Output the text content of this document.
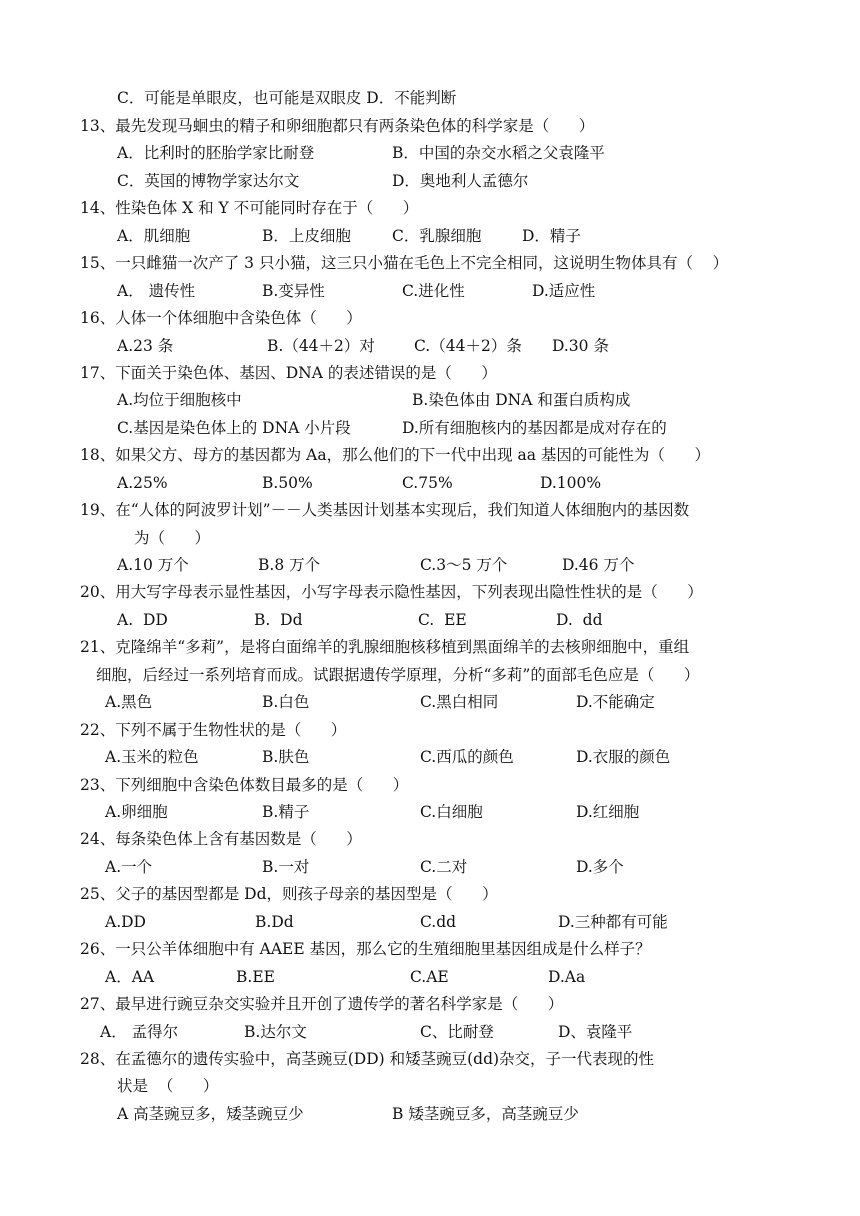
C．可能是单眼皮，也可能是双眼皮 D．不能判断
13、最先发现马蛔虫的精子和卵细胞都只有两条染色体的科学家是（      ）
A．比利时的胚胎学家比耐登	B．中国的杂交水稻之父袁隆平
C．英国的博物学家达尔文	D．奥地利人孟德尔
14、性染色体 X 和 Y 不可能同时存在于（      ）
A．肌细胞	B．上皮细胞	C．乳腺细胞	D．精子
15、一只雌猫一次产了 3 只小猫，这三只小猫在毛色上不完全相同，这说明生物体具有（    ）
A． 遗传性	B.变异性	C.进化性	D.适应性
16、人体一个体细胞中含染色体（      ）
A.23 条	B.（44＋2）对	C.（44＋2）条 D.30 条
17、下面关于染色体、基因、DNA 的表述错误的是（      ）
A.均位于细胞核中	B.染色体由 DNA 和蛋白质构成
C.基因是染色体上的 DNA 小片段	D.所有细胞核内的基因都是成对存在的
18、如果父方、母方的基因都为 Aa，那么他们的下一代中出现 aa 基因的可能性为（      ）
A.25%	B.50%	C.75%	D.100%
19、在“人体的阿波罗计划”－－人类基因计划基本实现后，我们知道人体细胞内的基因数
为（      ）
A.10 万个	B.8 万个	C.3～5 万个	D.46 万个
20、用大写字母表示显性基因，小写字母表示隐性基因，下列表现出隐性性状的是（      ）
A.  DD	B.  Dd	C.  EE	D.  dd
21、克隆绵羊“多莉”，是将白面绵羊的乳腺细胞核移植到黑面绵羊的去核卵细胞中，重组
细胞，后经过一系列培育而成。试跟据遗传学原理，分析“多莉”的面部毛色应是（      ）
A.黑色	B.白色	C.黑白相同	D.不能确定
22、下列不属于生物性状的是（      ）
A.玉米的粒色	B.肤色	C.西瓜的颜色	D.衣服的颜色
23、下列细胞中含染色体数目最多的是（      ）
A.卵细胞	B.精子	C.白细胞	D.红细胞
24、每条染色体上含有基因数是（      ）
A.一个	B.一对	C.二对	D.多个
25、父子的基因型都是 Dd，则孩子母亲的基因型是（      ）
A.DD	B.Dd	C.dd	D.三种都有可能
26、一只公羊体细胞中有 AAEE 基因，那么它的生殖细胞里基因组成是什么样子？
A．AA	B.EE	C.AE	D.Aa
27、最早进行豌豆杂交实验并且开创了遗传学的著名科学家是（      ）
A． 孟得尔	B.达尔文	C、比耐登	D、袁隆平
28、在孟德尔的遗传实验中，高茎豌豆(DD) 和矮茎豌豆(dd)杂交，子一代表现的性
状是  （      ）
A 高茎豌豆多，矮茎豌豆少	B 矮茎豌豆多，高茎豌豆少
